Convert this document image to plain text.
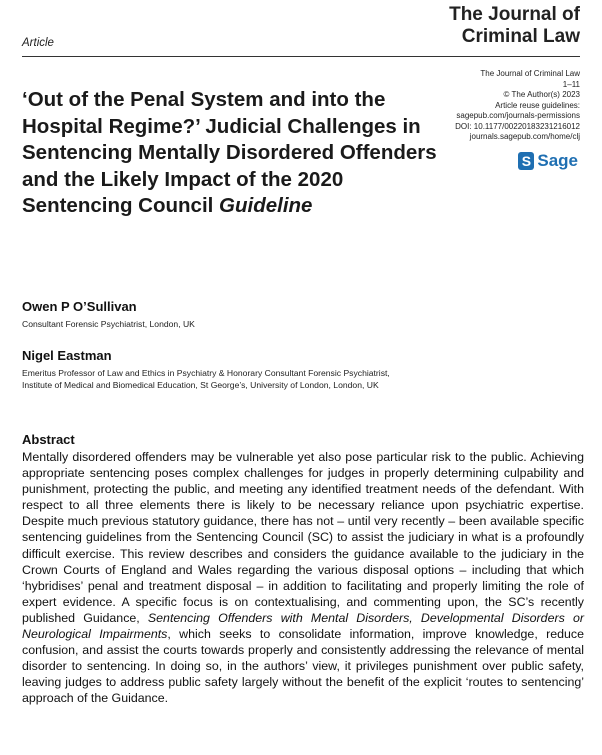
The Journal of
Criminal Law
Article
The Journal of Criminal Law
1–11
© The Author(s) 2023
Article reuse guidelines:
sagepub.com/journals-permissions
DOI: 10.1177/00220183231216012
journals.sagepub.com/home/clj
S Sage
‘Out of the Penal System and into the Hospital Regime?’ Judicial Challenges in Sentencing Mentally Disordered Offenders and the Likely Impact of the 2020 Sentencing Council Guideline
Owen P O’Sullivan
Consultant Forensic Psychiatrist, London, UK
Nigel Eastman
Emeritus Professor of Law and Ethics in Psychiatry & Honorary Consultant Forensic Psychiatrist,
Institute of Medical and Biomedical Education, St George’s, University of London, London, UK
Abstract

Mentally disordered offenders may be vulnerable yet also pose particular risk to the public. Achieving appropriate sentencing poses complex challenges for judges in properly determining culpability and punishment, protecting the public, and meeting any identified treatment needs of the defendant. With respect to all three elements there is likely to be necessary reliance upon psychiatric expertise. Despite much previous statutory guidance, there has not – until very recently – been available specific sentencing guidelines from the Sentencing Council (SC) to assist the judiciary in what is a profoundly difficult exercise. This review describes and considers the guidance available to the judiciary in the Crown Courts of England and Wales regarding the various disposal options – including that which ‘hybridises’ penal and treatment disposal – in addition to facilitating and properly limiting the role of expert evidence. A specific focus is on contextualising, and commenting upon, the SC’s recently published Guidance, Sentencing Offenders with Mental Disorders, Developmental Disorders or Neurological Impairments, which seeks to consolidate information, improve knowledge, reduce confusion, and assist the courts towards properly and consistently addressing the relevance of mental disorder to sentencing. In doing so, in the authors’ view, it privileges punishment over public safety, leaving judges to address public safety largely without the benefit of the explicit ‘routes to sentencing’ approach of the Guidance.
